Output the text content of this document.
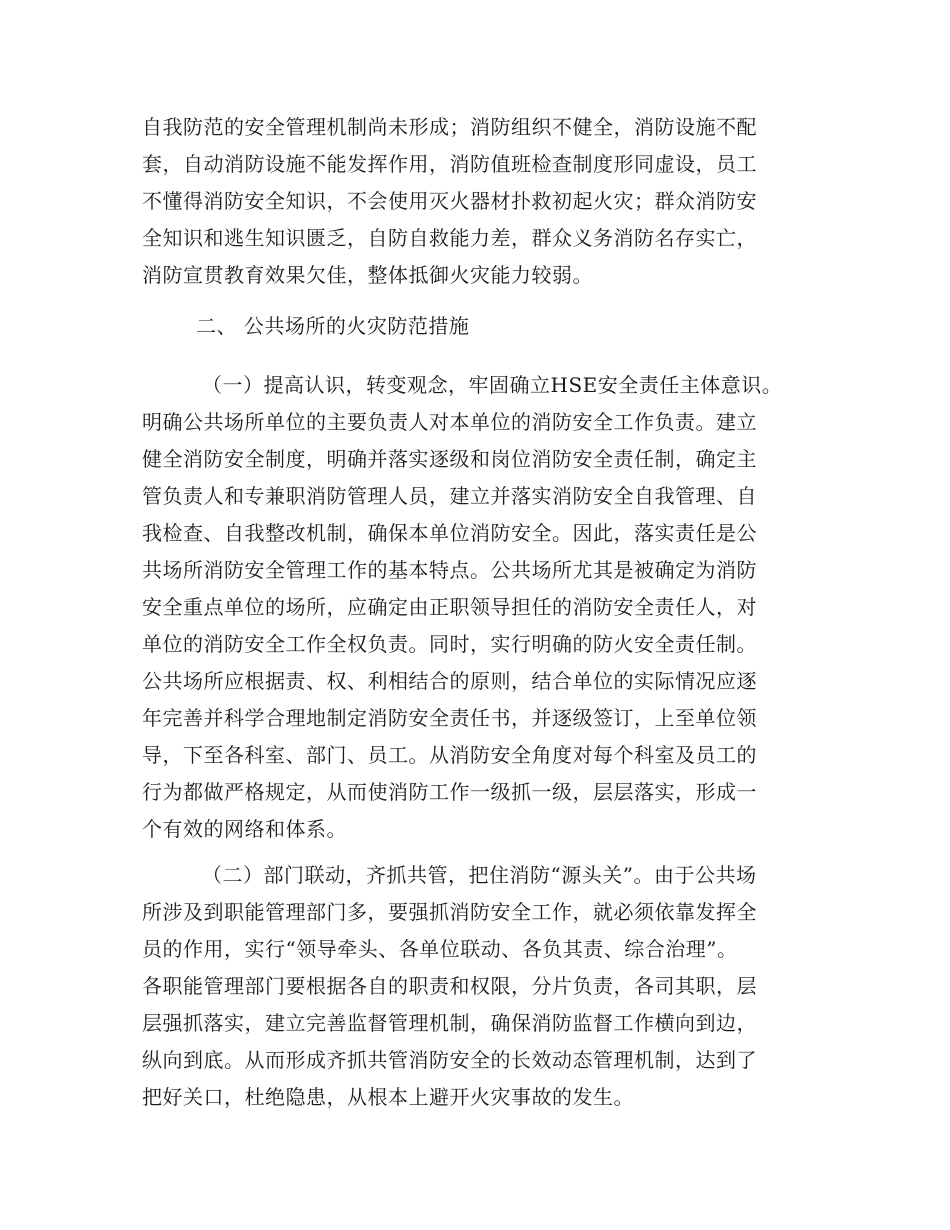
自我防范的安全管理机制尚未形成；消防组织不健全，消防设施不配
套，自动消防设施不能发挥作用，消防值班检查制度形同虚设，员工
不懂得消防安全知识，不会使用灭火器材扑救初起火灾；群众消防安
全知识和逃生知识匮乏，自防自救能力差，群众义务消防名存实亡，
消防宣贯教育效果欠佳，整体抵御火灾能力较弱。
二、 公共场所的火灾防范措施
（一）提高认识，转变观念，牢固确立HSE安全责任主体意识。
明确公共场所单位的主要负责人对本单位的消防安全工作负责。建立
健全消防安全制度，明确并落实逐级和岗位消防安全责任制，确定主
管负责人和专兼职消防管理人员，建立并落实消防安全自我管理、自
我检查、自我整改机制，确保本单位消防安全。因此，落实责任是公
共场所消防安全管理工作的基本特点。公共场所尤其是被确定为消防
安全重点单位的场所，应确定由正职领导担任的消防安全责任人，对
单位的消防安全工作全权负责。同时，实行明确的防火安全责任制。
公共场所应根据责、权、利相结合的原则，结合单位的实际情况应逐
年完善并科学合理地制定消防安全责任书，并逐级签订，上至单位领
导，下至各科室、部门、员工。从消防安全角度对每个科室及员工的
行为都做严格规定，从而使消防工作一级抓一级，层层落实，形成一
个有效的网络和体系。
（二）部门联动，齐抓共管，把住消防“源头关”。由于公共场
所涉及到职能管理部门多，要强抓消防安全工作，就必须依靠发挥全
员的作用，实行“领导牵头、各单位联动、各负其责、综合治理”。
各职能管理部门要根据各自的职责和权限，分片负责，各司其职，层
层强抓落实，建立完善监督管理机制，确保消防监督工作横向到边，
纵向到底。从而形成齐抓共管消防安全的长效动态管理机制，达到了
把好关口，杜绝隐患，从根本上避开火灾事故的发生。
